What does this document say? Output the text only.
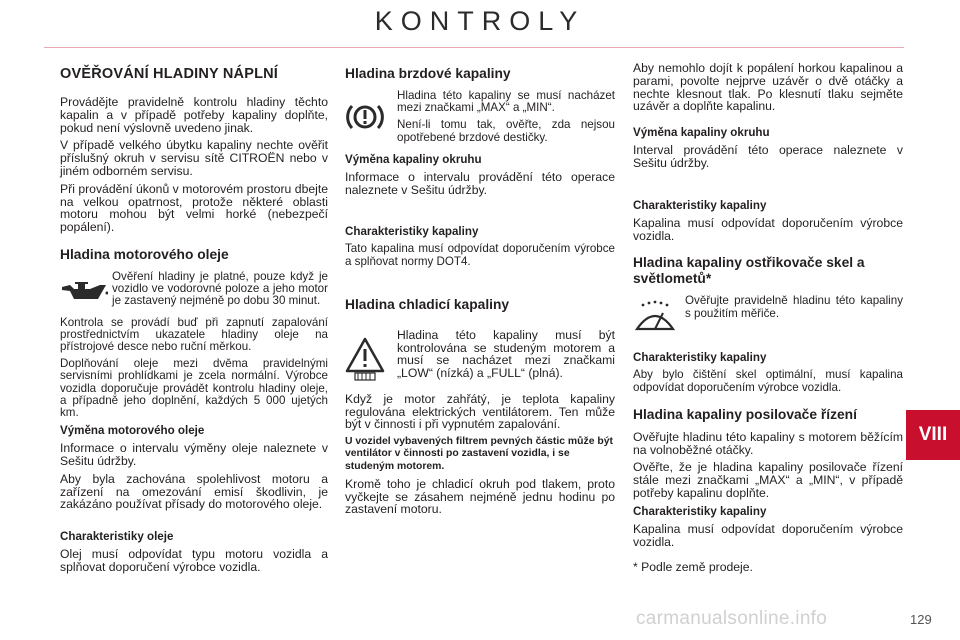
KONTROLY
OVĚŘOVÁNÍ HLADINY NÁPLNÍ

Provádějte pravidelně kontrolu hladiny těchto kapalin a v případě potřeby kapaliny doplňte, pokud není výslovně uvedeno jinak.

V případě velkého úbytku kapaliny nechte ověřit příslušný okruh v servisu sítě CITROËN nebo v jiném odborném servisu.

Při provádění úkonů v motorovém prostoru dbejte na velkou opatrnost, protože některé oblasti motoru mohou být velmi horké (nebezpečí popálení).

Hladina motorového oleje

Ověření hladiny je platné, pouze když je vozidlo ve vodorovné poloze a jeho motor je zastavený nejméně po dobu 30 minut.

Kontrola se provádí buď při zapnutí zapalování prostřednictvím ukazatele hladiny oleje na přístrojové desce nebo ruční měrkou.

Doplňování oleje mezi dvěma pravidelnými servisními prohlídkami je zcela normální. Výrobce vozidla doporučuje provádět kontrolu hladiny oleje, a případně jeho doplnění, každých 5 000 ujetých km.

Výměna motorového oleje

Informace o intervalu výměny oleje naleznete v Sešitu údržby.

Aby byla zachována spolehlivost motoru a zařízení na omezování emisí škodlivin, je zakázáno používat přísady do motorového oleje.

Charakteristiky oleje

Olej musí odpovídat typu motoru vozidla a splňovat doporučení výrobce vozidla.

Hladina brzdové kapaliny

Hladina této kapaliny se musí nacházet mezi značkami „MAX“ a „MIN“.

Není-li tomu tak, ověřte, zda nejsou opotřebené brzdové destičky.

Výměna kapaliny okruhu

Informace o intervalu provádění této operace naleznete v Sešitu údržby.

Charakteristiky kapaliny

Tato kapalina musí odpovídat doporučením výrobce a splňovat normy DOT4.

Hladina chladicí kapaliny

Hladina této kapaliny musí být kontrolována se studeným motorem a musí se nacházet mezi značkami „LOW“ (nízká) a „FULL“ (plná).

Když je motor zahřátý, je teplota kapaliny regulována elektrických ventilátorem. Ten může být v činnosti i při vypnutém zapalování.

U vozidel vybavených filtrem pevných částic může být ventilátor v činnosti po zastavení vozidla, i se studeným motorem.

Kromě toho je chladicí okruh pod tlakem, proto vyčkejte se zásahem nejméně jednu hodinu po zastavení motoru.

Aby nemohlo dojít k popálení horkou kapalinou a parami, povolte nejprve uzávěr o dvě otáčky a nechte klesnout tlak. Po klesnutí tlaku sejměte uzávěr a doplňte kapalinu.

Výměna kapaliny okruhu

Interval provádění této operace naleznete v Sešitu údržby.

Charakteristiky kapaliny

Kapalina musí odpovídat doporučením výrobce vozidla.

Hladina kapaliny ostřikovače skel a světlometů*

Ověřujte pravidelně hladinu této kapaliny s použitím měřiče.

Charakteristiky kapaliny

Aby bylo čištění skel optimální, musí kapalina odpovídat doporučením výrobce vozidla.

Hladina kapaliny posilovače řízení

Ověřujte hladinu této kapaliny s motorem běžícím na volnoběžné otáčky.

Ověřte, že je hladina kapaliny posilovače řízení stále mezi značkami „MAX“ a „MIN“, v případě potřeby kapalinu doplňte.

Charakteristiky kapaliny

Kapalina musí odpovídat doporučením výrobce vozidla.

* Podle země prodeje.

VIII
carmanualsonline.info	129
